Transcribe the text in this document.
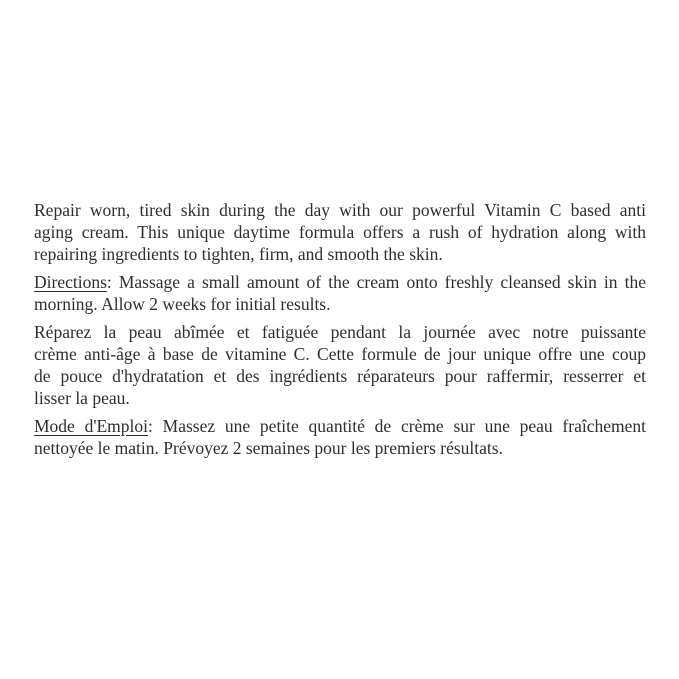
Repair worn, tired skin during the day with our powerful Vitamin C based anti
aging cream. This unique daytime formula offers a rush of hydration along with
repairing ingredients to tighten, firm, and smooth the skin.
Directions: Massage a small amount of the cream onto freshly cleansed skin in the
morning. Allow 2 weeks for initial results.
Réparez la peau abîmée et fatiguée pendant la journée avec notre puissante
crème anti-âge à base de vitamine C. Cette formule de jour unique offre une coup
de pouce d'hydratation et des ingrédients réparateurs pour raffermir, resserrer et
lisser la peau.
Mode d'Emploi: Massez une petite quantité de crème sur une peau fraîchement
nettoyée le matin. Prévoyez 2 semaines pour les premiers résultats.
